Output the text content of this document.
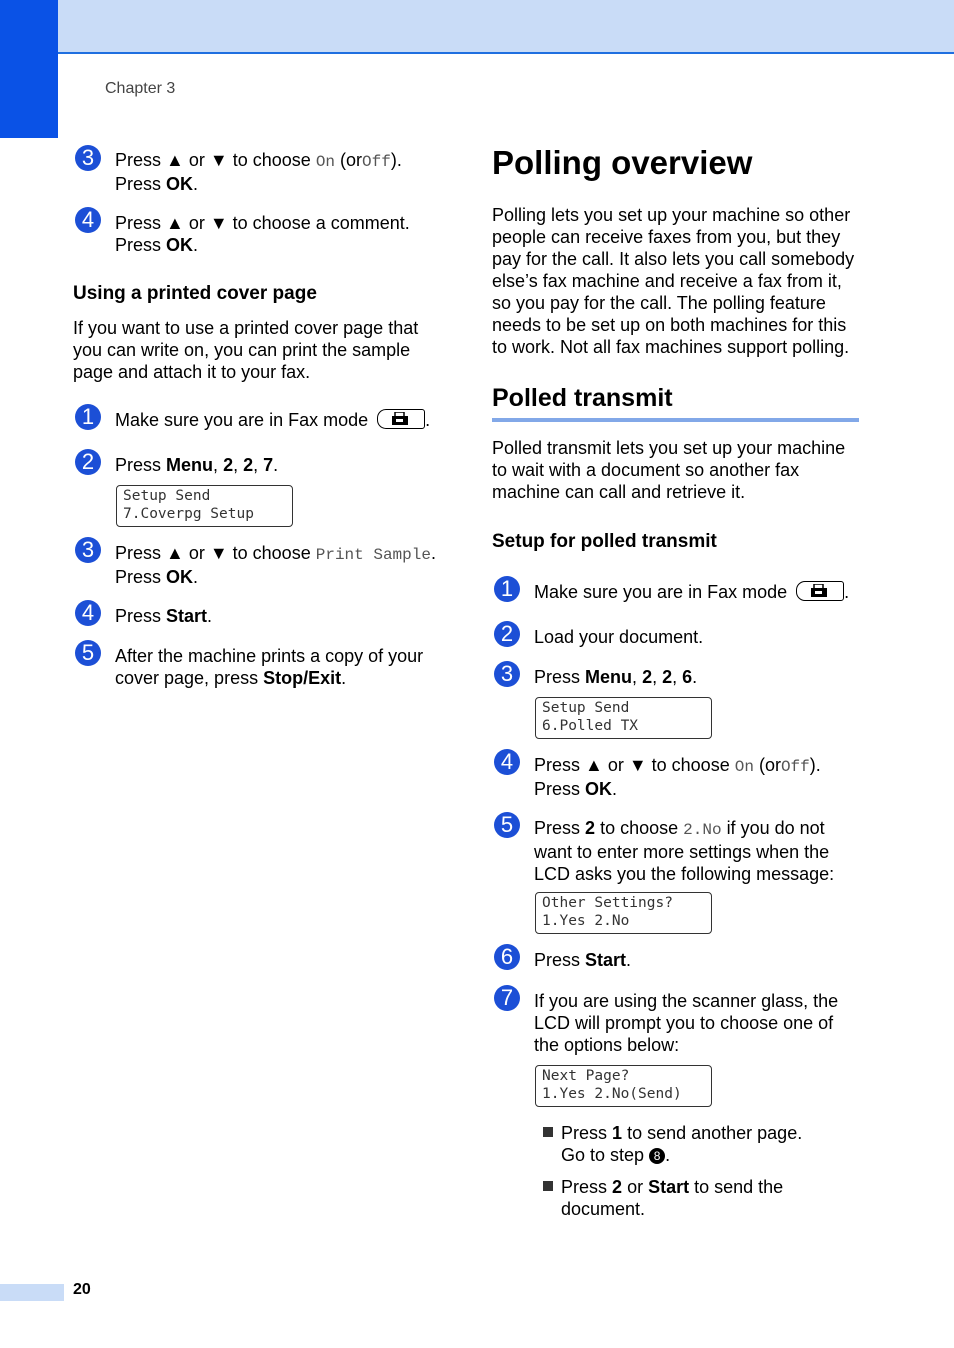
Chapter 3
3	Press ▲ or ▼ to choose On (orOff).
Press OK.
4	Press ▲ or ▼ to choose a comment.
Press OK.
Using a printed cover page
If you want to use a printed cover page that you can write on, you can print the sample page and attach it to your fax.
1	Make sure you are in Fax mode	.
2	Press Menu, 2, 2, 7.
Setup Send
7.Coverpg Setup
3	Press ▲ or ▼ to choose Print Sample.
Press OK.
4	Press Start.
5	After the machine prints a copy of your
cover page, press Stop/Exit.
Polling overview
Polling lets you set up your machine so other people can receive faxes from you, but they pay for the call. It also lets you call somebody else’s fax machine and receive a fax from it, so you pay for the call. The polling feature needs to be set up on both machines for this to work. Not all fax machines support polling.
Polled transmit
Polled transmit lets you set up your machine to wait with a document so another fax machine can call and retrieve it.
Setup for polled transmit
1	Make sure you are in Fax mode	.
2	Load your document.
3	Press Menu, 2, 2, 6.
Setup Send
6.Polled TX
4	Press ▲ or ▼ to choose On (orOff).
Press OK.
5	Press 2 to choose 2.No if you do not
want to enter more settings when the
LCD asks you the following message:
Other Settings?
1.Yes 2.No
6	Press Start.
7	If you are using the scanner glass, the
LCD will prompt you to choose one of
the options below:
Next Page?
1.Yes 2.No(Send)
Press 1 to send another page.
Go to step 8 .
Press 2 or Start to send the
document.
20
